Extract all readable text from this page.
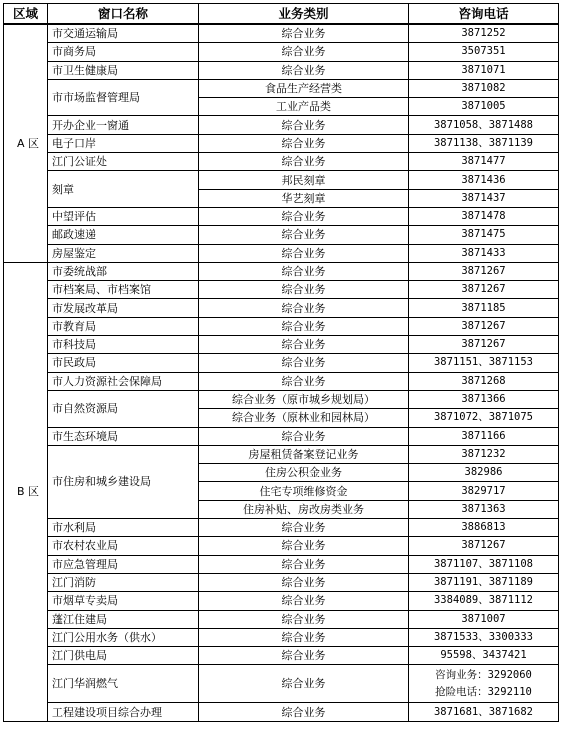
区域	窗口名称	业务类别	咨询电话
A 区	市交通运输局	综合业务	3871252
	市商务局	综合业务	3507351
	市卫生健康局	综合业务	3871071
	市市场监督管理局	食品生产经营类	3871082
		工业产品类	3871005
	开办企业一窗通	综合业务	3871058、3871488
	电子口岸	综合业务	3871138、3871139
	江门公证处	综合业务	3871477
	刻章	邦民刻章	3871436
		华艺刻章	3871437
	中望评估	综合业务	3871478
	邮政速递	综合业务	3871475
	房屋鉴定	综合业务	3871433
B 区	市委统战部	综合业务	3871267
	市档案局、市档案馆	综合业务	3871267
	市发展改革局	综合业务	3871185
	市教育局	综合业务	3871267
	市科技局	综合业务	3871267
	市民政局	综合业务	3871151、3871153
	市人力资源社会保障局	综合业务	3871268
	市自然资源局	综合业务（原市城乡规划局）	3871366
		综合业务（原林业和园林局）	3871072、3871075
	市生态环境局	综合业务	3871166
	市住房和城乡建设局	房屋租赁备案登记业务	3871232
		住房公积金业务	382986
		住宅专项维修资金	3829717
		住房补贴、房改房类业务	3871363
	市水利局	综合业务	3886813
	市农村农业局	综合业务	3871267
	市应急管理局	综合业务	3871107、3871108
	江门消防	综合业务	3871191、3871189
	市烟草专卖局	综合业务	3384089、3871112
	蓬江住建局	综合业务	3871007
	江门公用水务（供水）	综合业务	3871533、3300333
	江门供电局	综合业务	95598、3437421
	江门华润燃气	综合业务	咨询业务：3292060
抢险电话：3292110

	工程建设项目综合办理	综合业务	3871681、3871682
